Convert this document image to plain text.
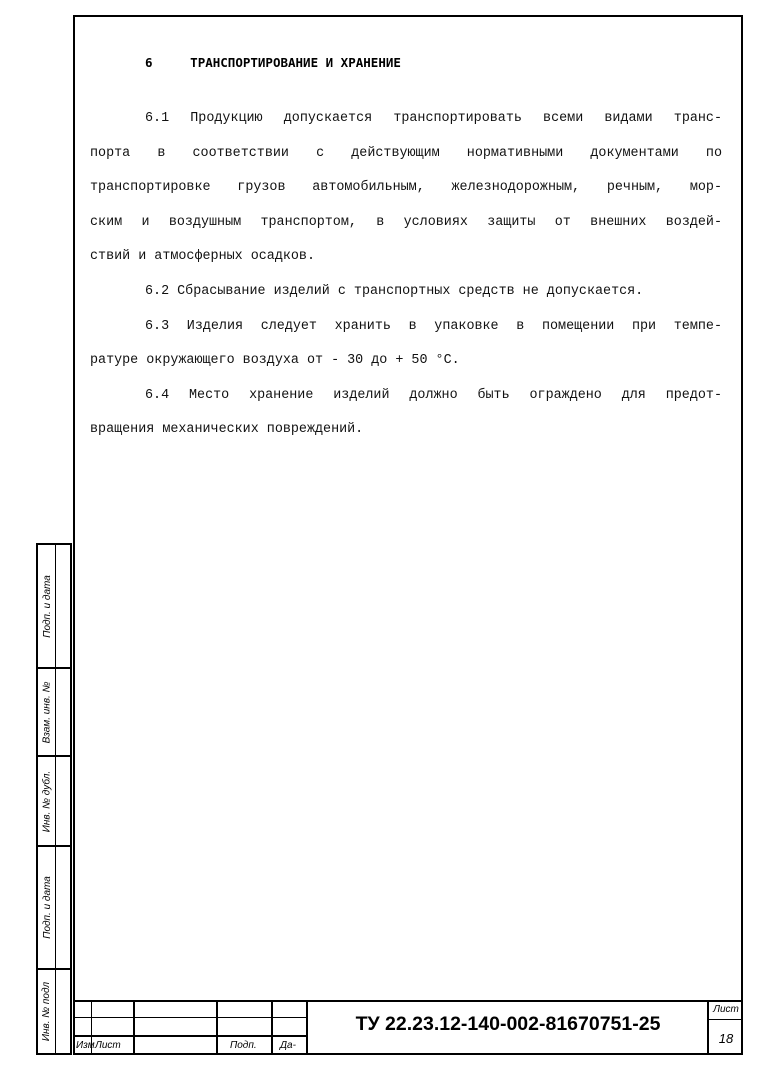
6	ТРАНСПОРТИРОВАНИЕ И ХРАНЕНИЕ

6.1 Продукцию допускается транспортировать всеми видами транс-
порта в соответствии с действующим нормативными документами по
транспортировке грузов автомобильным, железнодорожным, речным, мор-
ским и воздушным транспортом, в условиях защиты от внешних воздей-
ствий и атмосферных осадков.

6.2 Сбрасывание изделий с транспортных средств не допускается.

6.3 Изделия следует хранить в упаковке в помещении при темпе-
ратуре окружающего воздуха от - 30 до + 50 °С.

6.4 Место хранение изделий должно быть ограждено для предот-
вращения механических повреждений.

Подп. и дата
Взам. инв. №
Инв. № дубл.
Подп. и дата
Инв. № подл
Изм Лист	Подп. Да-
ТУ 22.23.12-140-002-81670751-25
Лист
18
